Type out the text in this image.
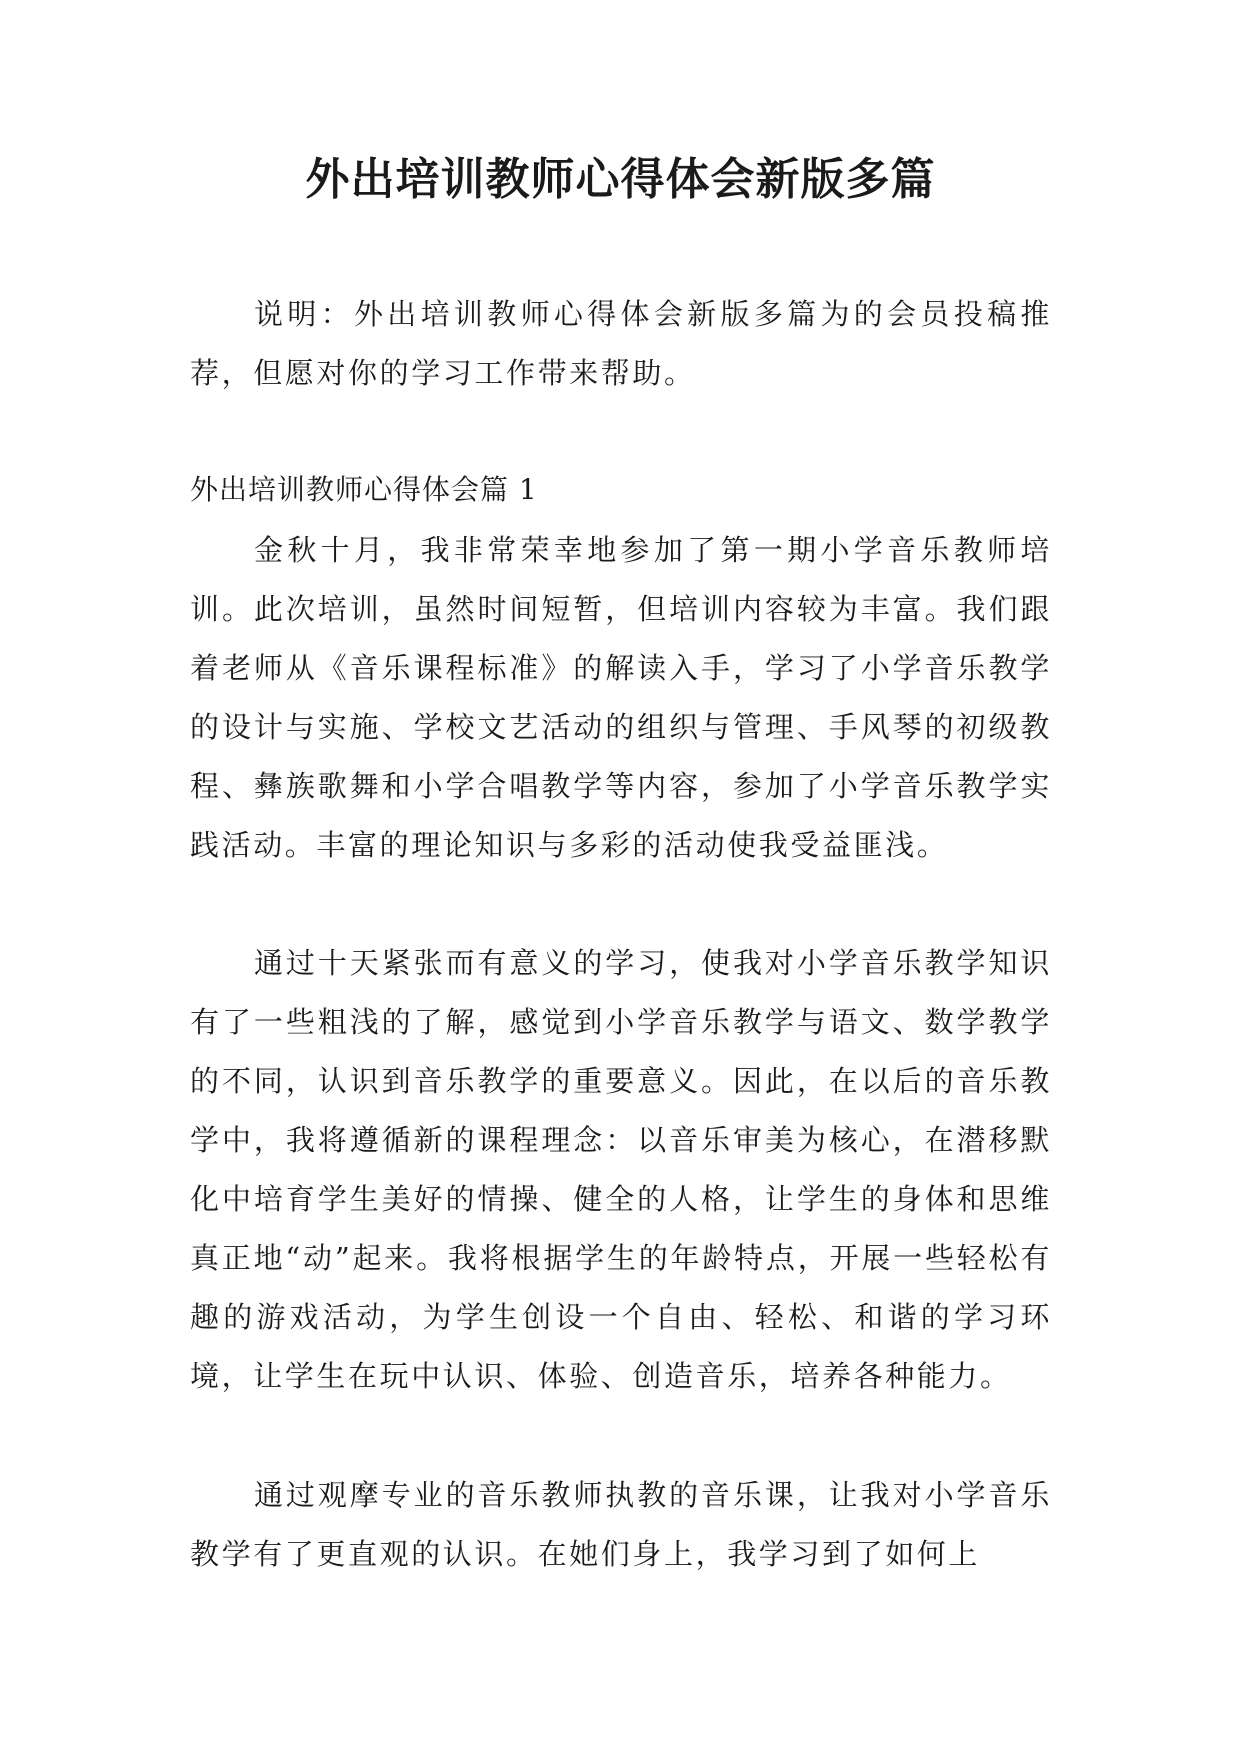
外出培训教师心得体会新版多篇

说明：外出培训教师心得体会新版多篇为的会员投稿推荐，但愿对你的学习工作带来帮助。

外出培训教师心得体会篇 1

金秋十月，我非常荣幸地参加了第一期小学音乐教师培训。此次培训，虽然时间短暂，但培训内容较为丰富。我们跟着老师从《音乐课程标准》的解读入手，学习了小学音乐教学的设计与实施、学校文艺活动的组织与管理、手风琴的初级教程、彝族歌舞和小学合唱教学等内容，参加了小学音乐教学实践活动。丰富的理论知识与多彩的活动使我受益匪浅。

通过十天紧张而有意义的学习，使我对小学音乐教学知识有了一些粗浅的了解，感觉到小学音乐教学与语文、数学教学的不同，认识到音乐教学的重要意义。因此，在以后的音乐教学中，我将遵循新的课程理念：以音乐审美为核心，在潜移默化中培育学生美好的情操、健全的人格，让学生的身体和思维真正地“动”起来。我将根据学生的年龄特点，开展一些轻松有趣的游戏活动，为学生创设一个自由、轻松、和谐的学习环境，让学生在玩中认识、体验、创造音乐，培养各种能力。

通过观摩专业的音乐教师执教的音乐课，让我对小学音乐教学有了更直观的认识。在她们身上，我学习到了如何上
